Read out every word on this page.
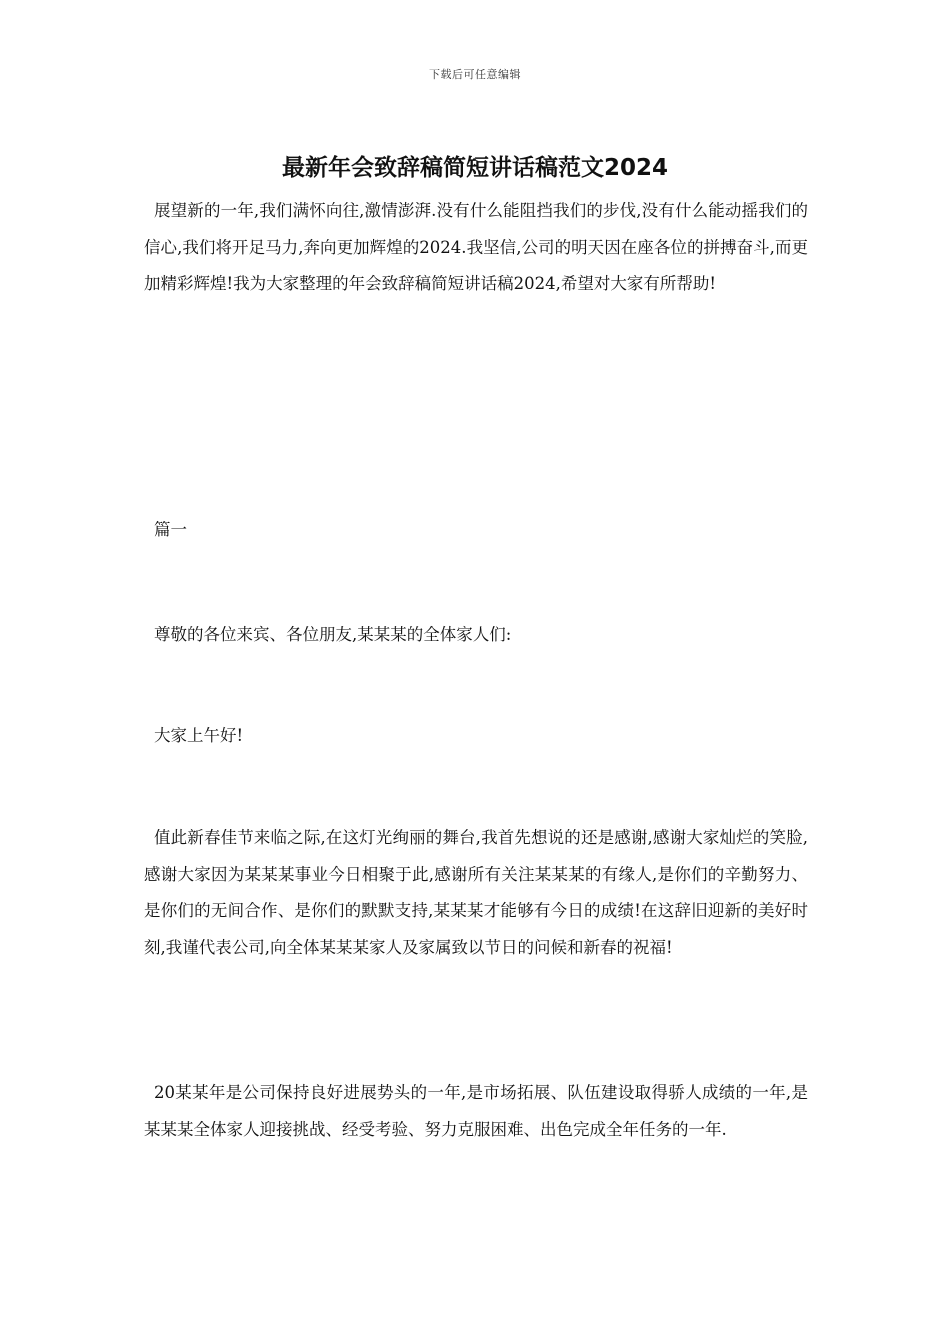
下载后可任意编辑
最新年会致辞稿简短讲话稿范文2024

展望新的一年,我们满怀向往,激情澎湃.没有什么能阻挡我们的步伐,没有什么能动摇我们的信心,我们将开足马力,奔向更加辉煌的2024.我坚信,公司的明天因在座各位的拼搏奋斗,而更加精彩辉煌!我为大家整理的年会致辞稿简短讲话稿2024,希望对大家有所帮助!

篇一

尊敬的各位来宾、各位朋友,某某某的全体家人们:

大家上午好!

值此新春佳节来临之际,在这灯光绚丽的舞台,我首先想说的还是感谢,感谢大家灿烂的笑脸,感谢大家因为某某某事业今日相聚于此,感谢所有关注某某某的有缘人,是你们的辛勤努力、是你们的无间合作、是你们的默默支持,某某某才能够有今日的成绩!在这辞旧迎新的美好时刻,我谨代表公司,向全体某某某家人及家属致以节日的问候和新春的祝福!

20某某年是公司保持良好进展势头的一年,是市场拓展、队伍建设取得骄人成绩的一年,是某某某全体家人迎接挑战、经受考验、努力克服困难、出色完成全年任务的一年.
